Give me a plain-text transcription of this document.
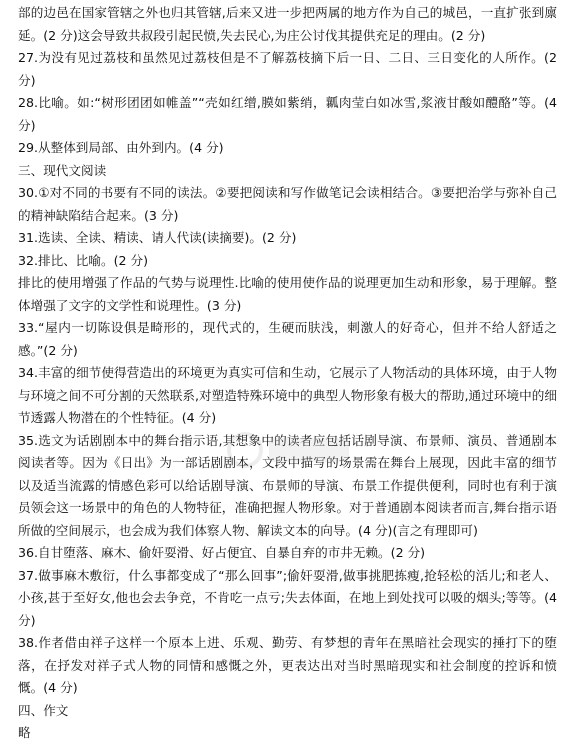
部的边邑在国家管辖之外也归其管辖,后来又进一步把两属的地方作为自己的城邑，一直扩张到廪延。(2 分)这会导致共叔段引起民愤,失去民心,为庄公讨伐其提供充足的理由。(2 分)

27.为没有见过荔枝和虽然见过荔枝但是不了解荔枝摘下后一日、二日、三日变化的人所作。(2 分)

28.比喻。如:“树形团团如帷盖”“壳如红缯,膜如紫绡，瓤肉莹白如冰雪,浆液甘酸如醴酪”等。(4 分)

29.从整体到局部、由外到内。(4 分)

三、现代文阅读

30.①对不同的书要有不同的读法。②要把阅读和写作做笔记会读相结合。③要把治学与弥补自己的精神缺陷结合起来。(3 分)

31.选读、全读、精读、请人代读(读摘要)。(2 分)

32.排比、比喻。(2 分)

排比的使用增强了作品的气势与说理性.比喻的使用使作品的说理更加生动和形象，易于理解。整体增强了文字的文学性和说理性。(3 分)

33.“屋内一切陈设俱是畸形的，现代式的，生硬而肤浅，刺激人的好奇心，但并不给人舒适之感。”(2 分)

34.丰富的细节使得营造出的环境更为真实可信和生动，它展示了人物活动的具体环境，由于人物与环境之间不可分割的天然联系,对塑造特殊环境中的典型人物形象有极大的帮助,通过环境中的细节透露人物潜在的个性特征。(4 分)

35.选文为话剧剧本中的舞台指示语,其想象中的读者应包括话剧导演、布景师、演员、普通剧本阅读者等。因为《日出》为一部话剧剧本，文段中描写的场景需在舞台上展现，因此丰富的细节以及适当流露的情感色彩可以给话剧导演、布景师的导演、布景工作提供便利，同时也有利于演员领会这一场景中的角色的人物特征，准确把握人物形象。对于普通剧本阅读者而言,舞台指示语所做的空间展示，也会成为我们体察人物、解读文本的向导。(4 分)(言之有理即可)

36.自甘堕落、麻木、偷奸耍滑、好占便宜、自暴自弃的市井无赖。(2 分)

37.做事麻木敷衍，什么事都变成了“那么回事”;偷奸耍滑,做事挑肥拣瘦,抢轻松的活儿;和老人、小孩,甚于至好女,他也会去争竞，不肯吃一点亏;失去体面，在地上到处找可以吸的烟头;等等。(4 分)

38.作者借由祥子这样一个原本上进、乐观、勤劳、有梦想的青年在黑暗社会现实的捶打下的堕落，在抒发对祥子式人物的同情和感慨之外，更表达出对当时黑暗现实和社会制度的控诉和愤慨。(4 分)

四、作文

略
